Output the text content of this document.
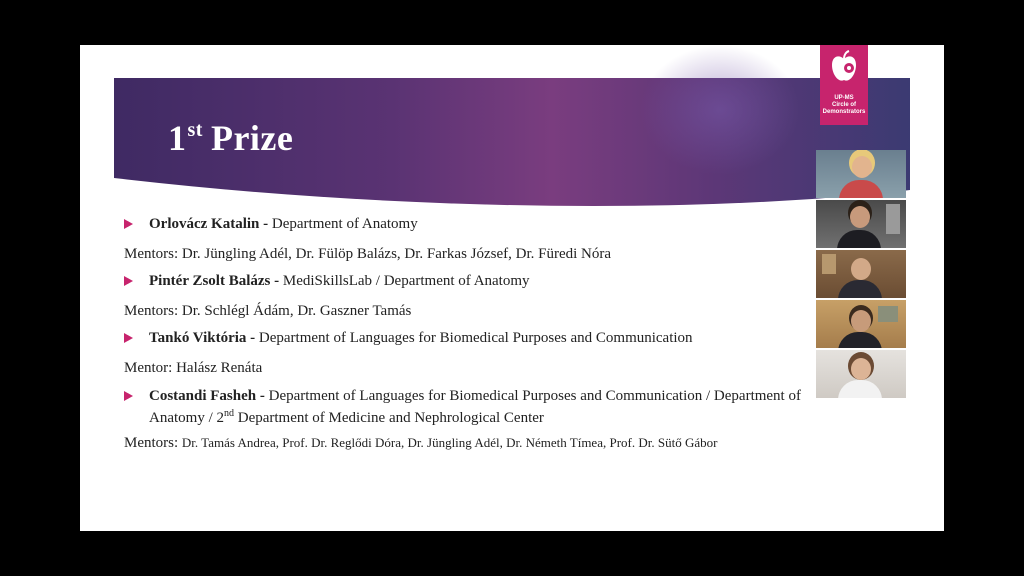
1st Prize
UP-MS
Circle of
Demonstrators
Orlovácz Katalin - Department of Anatomy
Mentors: Dr. Jüngling Adél, Dr. Fülöp Balázs, Dr. Farkas József, Dr. Füredi Nóra
Pintér Zsolt Balázs - MediSkillsLab / Department of Anatomy
Mentors: Dr. Schlégl Ádám, Dr. Gaszner Tamás
Tankó Viktória - Department of Languages for Biomedical Purposes and Communication
Mentor: Halász Renáta
Costandi Fasheh - Department of Languages for Biomedical Purposes and Communication / Department of
Anatomy / 2nd Department of Medicine and Nephrological Center
Mentors: Dr. Tamás Andrea, Prof. Dr. Reglődi Dóra, Dr. Jüngling Adél, Dr. Németh Tímea, Prof. Dr. Sütő Gábor
